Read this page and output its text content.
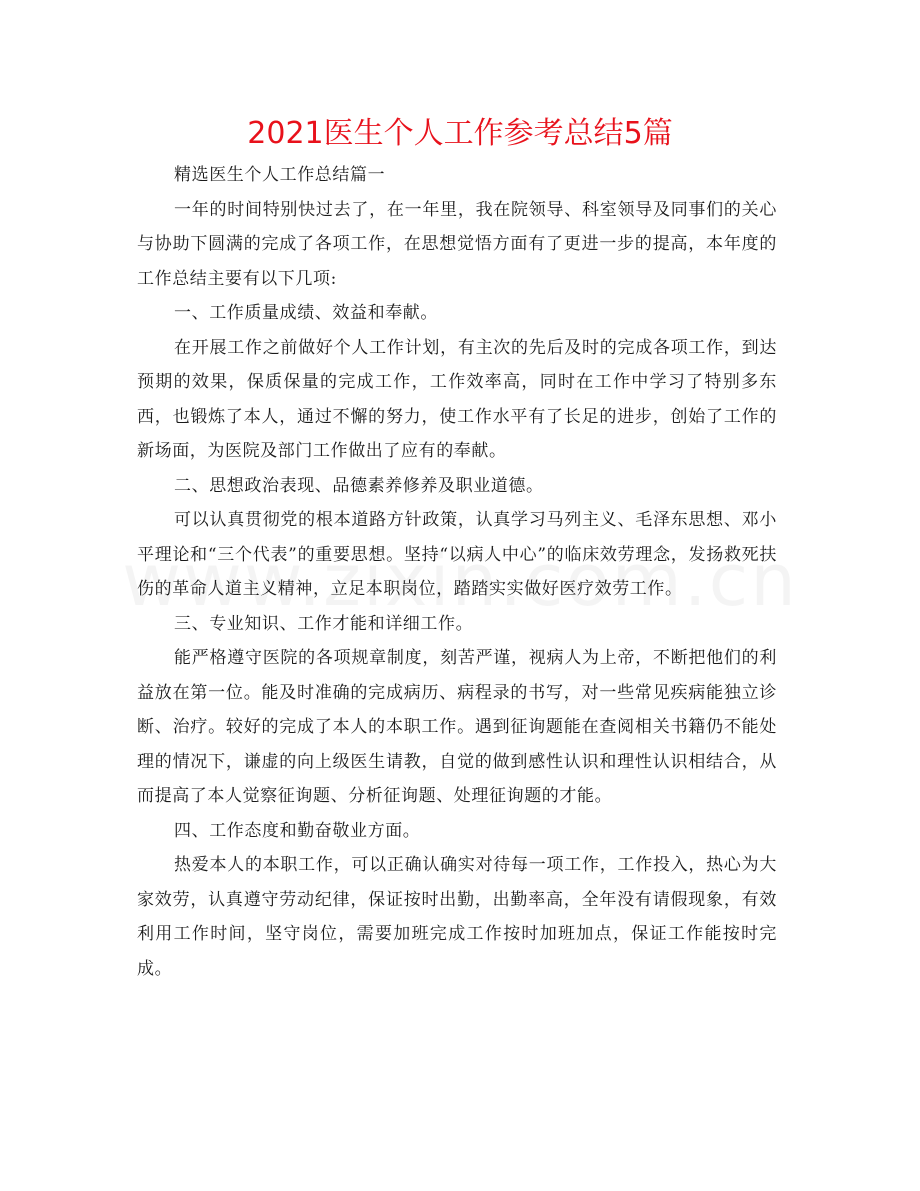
2021医生个人工作参考总结5篇

精选医生个人工作总结篇一

一年的时间特别快过去了，在一年里，我在院领导、科室领导及同事们的关心与协助下圆满的完成了各项工作，在思想觉悟方面有了更进一步的提高，本年度的工作总结主要有以下几项:

一、工作质量成绩、效益和奉献。

在开展工作之前做好个人工作计划，有主次的先后及时的完成各项工作，到达预期的效果，保质保量的完成工作，工作效率高，同时在工作中学习了特别多东西，也锻炼了本人，通过不懈的努力，使工作水平有了长足的进步，创始了工作的新场面，为医院及部门工作做出了应有的奉献。

二、思想政治表现、品德素养修养及职业道德。

可以认真贯彻党的根本道路方针政策，认真学习马列主义、毛泽东思想、邓小平理论和“三个代表”的重要思想。坚持“以病人中心”的临床效劳理念，发扬救死扶伤的革命人道主义精神，立足本职岗位，踏踏实实做好医疗效劳工作。

三、专业知识、工作才能和详细工作。

能严格遵守医院的各项规章制度，刻苦严谨，视病人为上帝，不断把他们的利益放在第一位。能及时准确的完成病历、病程录的书写，对一些常见疾病能独立诊断、治疗。较好的完成了本人的本职工作。遇到征询题能在查阅相关书籍仍不能处理的情况下，谦虚的向上级医生请教，自觉的做到感性认识和理性认识相结合，从而提高了本人觉察征询题、分析征询题、处理征询题的才能。

四、工作态度和勤奋敬业方面。

热爱本人的本职工作，可以正确认确实对待每一项工作，工作投入，热心为大家效劳，认真遵守劳动纪律，保证按时出勤，出勤率高，全年没有请假现象，有效利用工作时间，坚守岗位，需要加班完成工作按时加班加点，保证工作能按时完成。
